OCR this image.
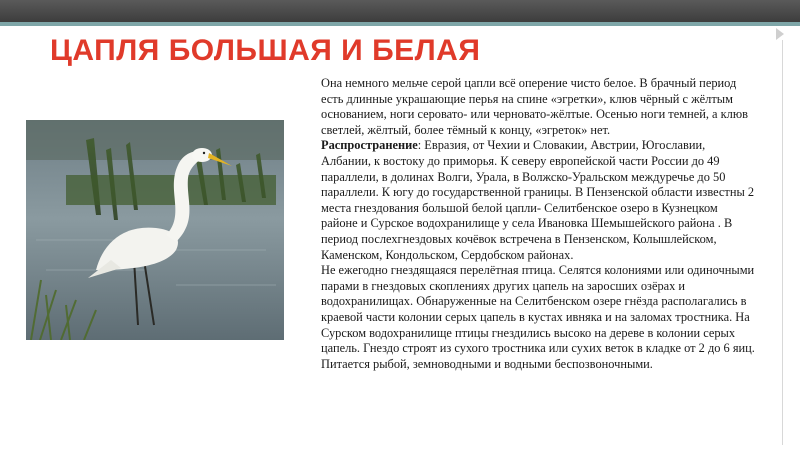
ЦАПЛЯ БОЛЬШАЯ И БЕЛАЯ

Она немного мельче серой цапли всё оперение чисто белое. В брачный период есть длинные украшающие перья на спине «эгретки», клюв чёрный с жёлтым основанием, ноги серовато- или черновато-жёлтые. Осенью ноги темней, а клюв светлей, жёлтый, более тёмный к концу, «эгреток» нет.

Распространение: Евразия, от Чехии и Словакии, Австрии, Югославии, Албании, к востоку до приморья. К северу европейской части России до 49 параллели, в долинах Волги, Урала, в Волжско-Уральском междуречье до 50 параллели. К югу до государственной границы. В Пензенской области известны 2 места гнездования большой белой цапли- Селитбенское озеро в Кузнецком районе и Сурское водохранилище у села Ивановка Шемышейского района . В период послехгнездовых кочёвок встречена в Пензенском, Колышлейском, Каменском, Кондольском, Сердобском районах.

Не ежегодно гнездящаяся перелётная птица. Селятся колониями или одиночными парами в гнездовых скоплениях других цапель на заросших озёрах и водохранилищах. Обнаруженные на Селитбенском озере гнёзда располагались в краевой части колонии серых цапель в кустах ивняка и на заломах тростника. На Сурском водохранилище птицы гнездились высоко на дереве в колонии серых цапель. Гнездо строят из сухого тростника или сухих веток в кладке от 2 до 6 яиц. Питается рыбой, земноводными и водными беспозвоночными.
